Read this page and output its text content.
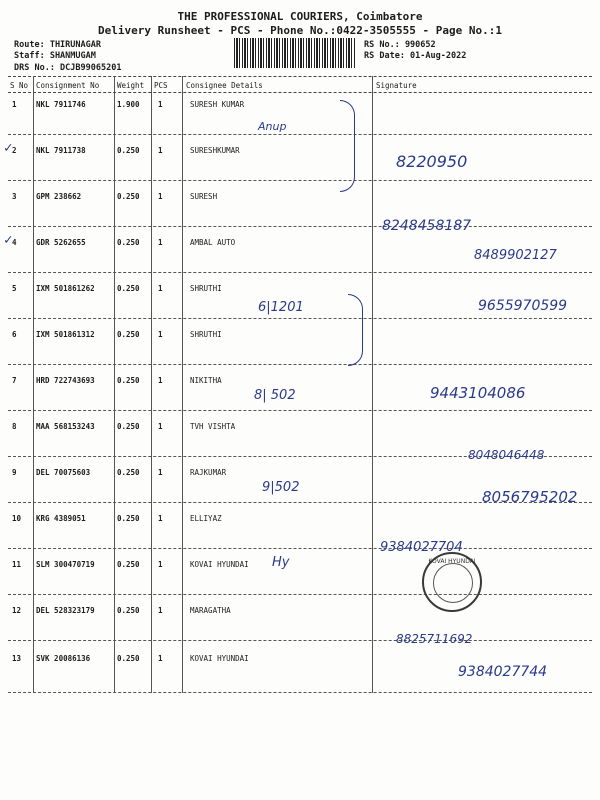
THE PROFESSIONAL COURIERS, Coimbatore
Delivery Runsheet - PCS - Phone No.:0422-3505555 - Page No.:1
Route: THIRUNAGAR
Staff: SHANMUGAM
DRS No.: DCJB99065201
RS No.: 990652
RS Date: 01-Aug-2022
S No Consignment No Weight PCS Consignee Details	Signature
1	NKL 7911746	1.900 1	SURESH KUMAR
2	NKL 7911738	0.250 1	SURESHKUMAR
3	GPM 238662	0.250 1	SURESH
4	GDR 5262655	0.250 1	AMBAL AUTO
5	IXM 501861262	0.250 1	SHRUTHI
6	IXM 501861312	0.250 1	SHRUTHI
7	HRD 722743693	0.250 1	NIKITHA
8	MAA 568153243	0.250 1	TVH VISHTA
9	DEL 70075603	0.250 1	RAJKUMAR
10 KRG 4389051	0.250 1	ELLIYAZ
11 SLM 300470719	0.250 1	KOVAI HYUNDAI
12 DEL 528323179	0.250 1	MARAGATHA
13 SVK 20086136	0.250 1	KOVAI HYUNDAI
✓
✓
Anup
6|1201
8| 502
9|502
Hy
8220950
8248458187
8489902127
9655970599
9443104086
8048046448
8056795202
9384027704
8825711692
9384027744
KOVAI HYUNDAI
